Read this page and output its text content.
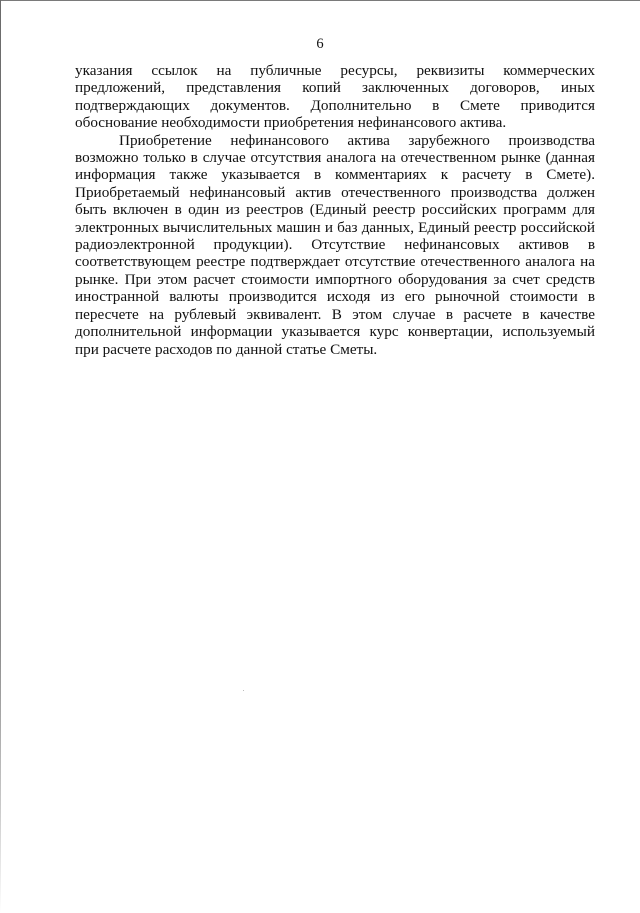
6

указания ссылок на публичные ресурсы, реквизиты коммерческих предложений, представления копий заключенных договоров, иных подтверждающих документов. Дополнительно в Смете приводится обоснование необходимости приобретения нефинансового актива.

Приобретение нефинансового актива зарубежного производства возможно только в случае отсутствия аналога на отечественном рынке (данная информация также указывается в комментариях к расчету в Смете). Приобретаемый нефинансовый актив отечественного производства должен быть включен в один из реестров (Единый реестр российских программ для электронных вычислительных машин и баз данных, Единый реестр российской радиоэлектронной продукции). Отсутствие нефинансовых активов в соответствующем реестре подтверждает отсутствие отечественного аналога на рынке. При этом расчет стоимости импортного оборудования за счет средств иностранной валюты производится исходя из его рыночной стоимости в пересчете на рублевый эквивалент. В этом случае в расчете в качестве дополнительной информации указывается курс конвертации, используемый при расчете расходов по данной статье Сметы.
